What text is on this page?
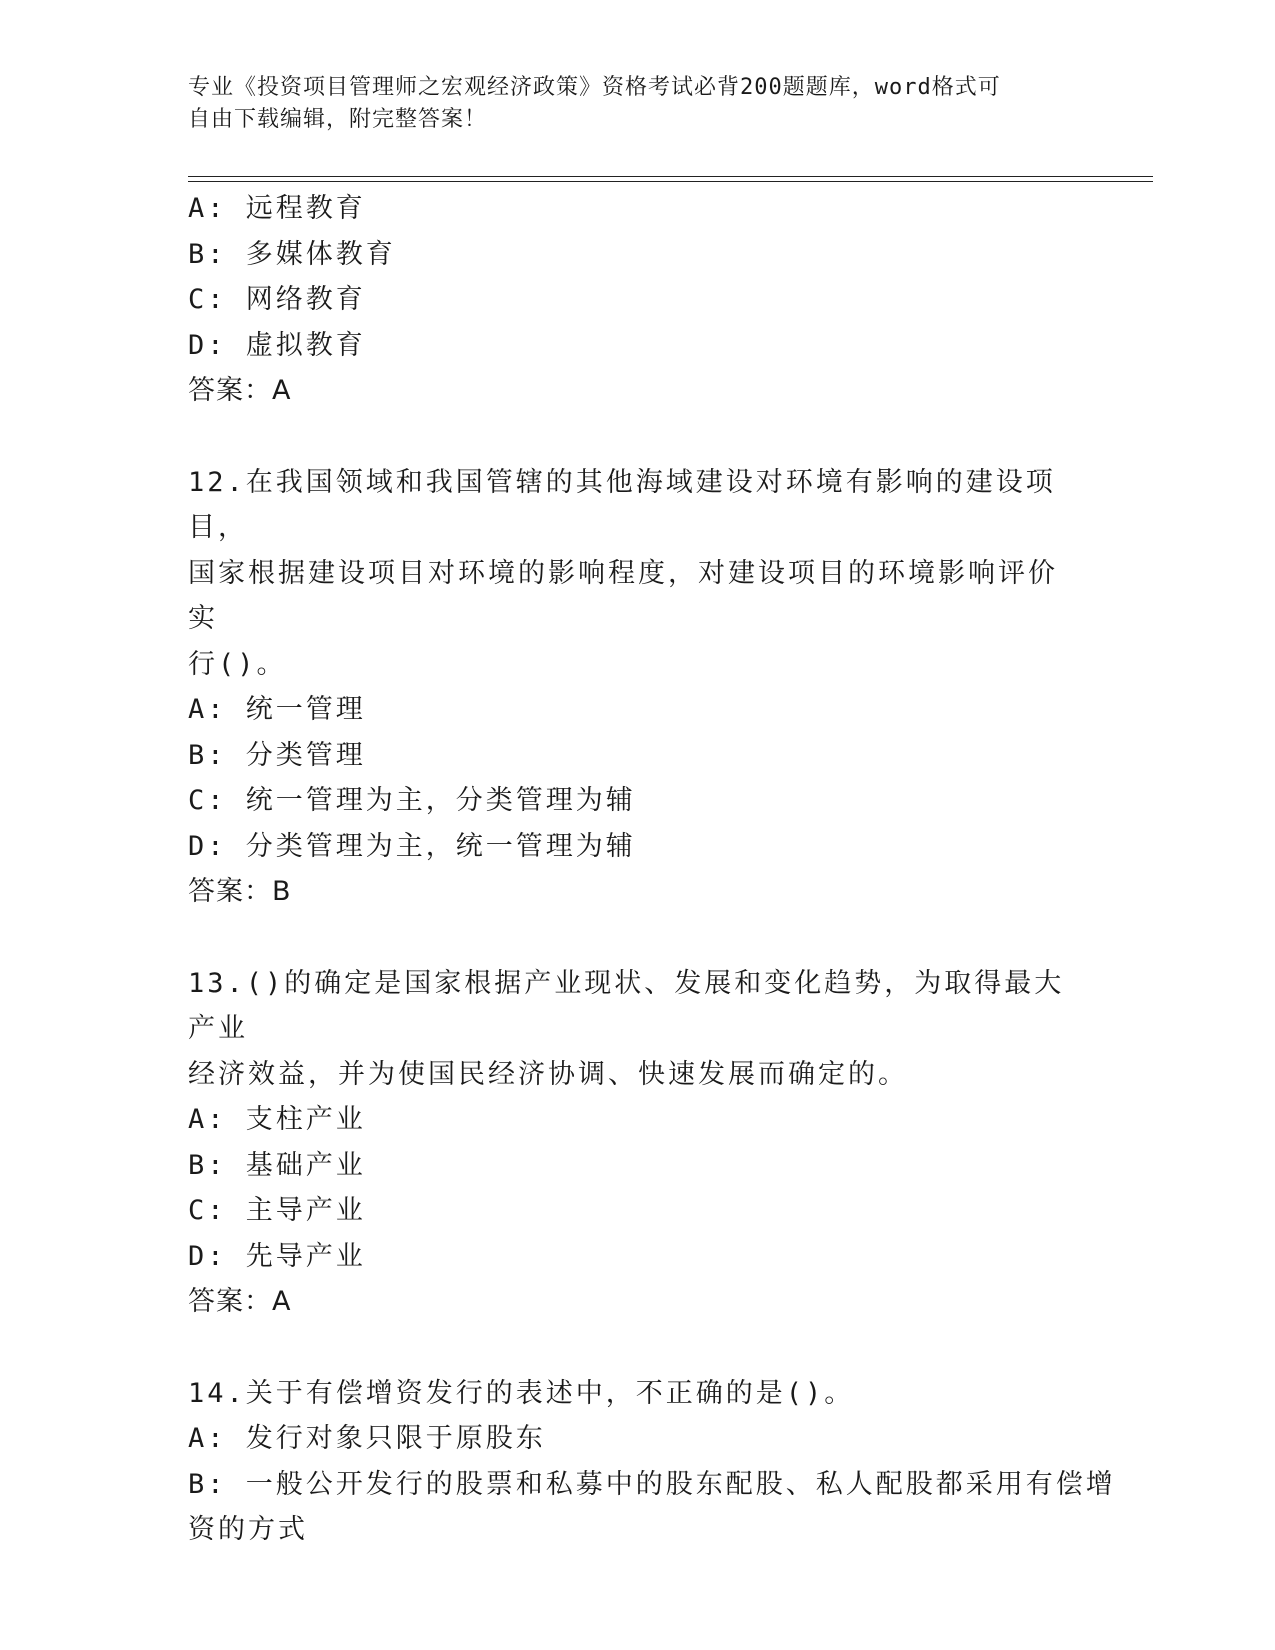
专业《投资项目管理师之宏观经济政策》资格考试必背200题题库，word格式可
自由下载编辑，附完整答案！
A: 远程教育
B: 多媒体教育
C: 网络教育
D: 虚拟教育
答案：A
12.在我国领域和我国管辖的其他海域建设对环境有影响的建设项目，
国家根据建设项目对环境的影响程度，对建设项目的环境影响评价实
行()。
A: 统一管理
B: 分类管理
C: 统一管理为主，分类管理为辅
D: 分类管理为主，统一管理为辅
答案：B
13.()的确定是国家根据产业现状、发展和变化趋势，为取得最大产业
经济效益，并为使国民经济协调、快速发展而确定的。
A: 支柱产业
B: 基础产业
C: 主导产业
D: 先导产业
答案：A
14.关于有偿增资发行的表述中，不正确的是()。
A: 发行对象只限于原股东
B: 一般公开发行的股票和私募中的股东配股、私人配股都采用有偿增
资的方式
